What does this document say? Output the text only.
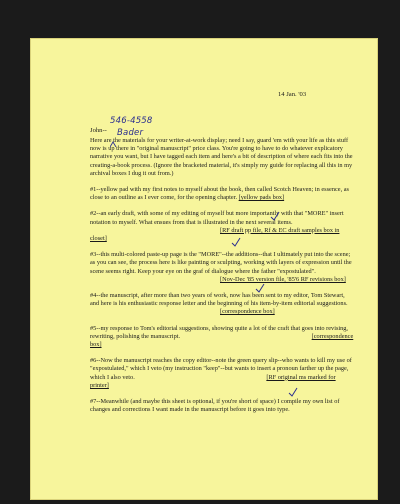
14 Jan. '03
546-4558
Bader
John--

Here are the materials for your writer-at-work display; need I say, guard 'em with your life as this stuff now is up there in "original manuscript" price class. You're going to have to do whatever explicatory narrative you want, but I have tagged each item and here's a bit of description of where each fits into the creating-a-book process. (Ignore the bracketed material, it's simply my guide for replacing all this in my archival boxes I dug it out from.)

#1--yellow pad with my first notes to myself about the book, then called Scotch Heaven; in essence, as close to an outline as I ever come, for the opening chapter. [yellow pads box]

#2--an early draft, with some of my editing of myself but more importantly with that "MORE" insert notation to myself. What ensues from that is illustrated in the next several items. [RF draft pp file, Rf & EC draft samples box in closet]

#3--this multi-colored paste-up page is the "MORE"--the additions--that I ultimately put into the scene; as you can see, the process here is like painting or sculpting, working with layers of expression until the scene seems right. Keep your eye on the graf of dialogue where the father "expostulated". [Nov-Dec '85 version file, '85'6 RF revisions box]

#4--the manuscript, after more than two years of work, now has been sent to my editor, Tom Stewart, and here is his enthusiastic response letter and the beginning of his item-by-item editorial suggestions. [correspondence box]

#5--my response to Tom's editorial suggestions, showing quite a lot of the craft that goes into revising, rewriting, polishing the manuscript.	[correspondence box]

#6--Now the manuscript reaches the copy editor--note the green query slip--who wants to kill my use of "expostulated," which I veto (my instruction "keep"--but wants to insert a pronoun farther up the page, which I also veto.	[RF original ms marked for printer]

#7--Meanwhile (and maybe this sheet is optional, if you're short of space) I compile my own list of changes and corrections I want made in the manuscript before it goes into type.
